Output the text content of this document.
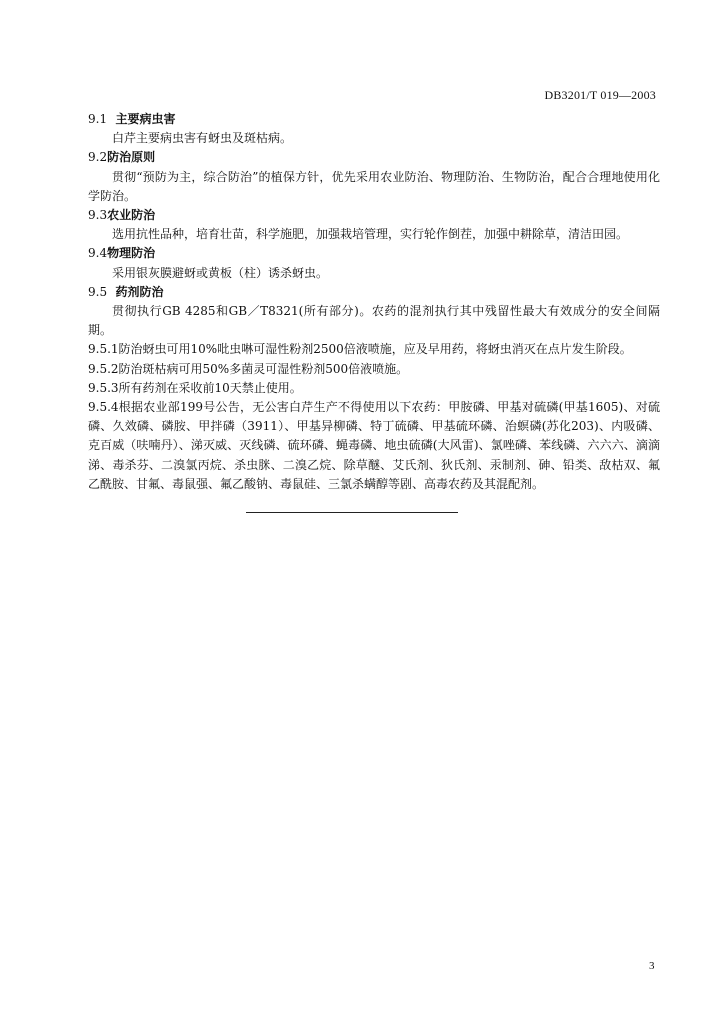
DB3201/T 019—2003

9.1 主要病虫害

白芹主要病虫害有蚜虫及斑枯病。

9.2防治原则

贯彻“预防为主，综合防治”的植保方针，优先采用农业防治、物理防治、生物防治，配合合理地使用化学防治。

9.3农业防治

选用抗性品种，培育壮苗，科学施肥，加强栽培管理，实行轮作倒茬，加强中耕除草，清洁田园。

9.4物理防治

采用银灰膜避蚜或黄板（柱）诱杀蚜虫。

9.5 药剂防治

贯彻执行GB 4285和GB／T8321(所有部分)。农药的混剂执行其中残留性最大有效成分的安全间隔期。

9.5.1防治蚜虫可用10%吡虫啉可湿性粉剂2500倍液喷施，应及早用药，将蚜虫消灭在点片发生阶段。

9.5.2防治斑枯病可用50%多菌灵可湿性粉剂500倍液喷施。

9.5.3所有药剂在采收前10天禁止使用。

9.5.4根据农业部199号公告，无公害白芹生产不得使用以下农药：甲胺磷、甲基对硫磷(甲基1605)、对硫磷、久效磷、磷胺、甲拌磷（3911）、甲基异柳磷、特丁硫磷、甲基硫环磷、治螟磷(苏化203)、内吸磷、克百威（呋喃丹）、涕灭威、灭线磷、硫环磷、蝇毒磷、地虫硫磷(大风雷)、氯唑磷、苯线磷、六六六、滴滴涕、毒杀芬、二溴氯丙烷、杀虫脒、二溴乙烷、除草醚、艾氏剂、狄氏剂、汞制剂、砷、铅类、敌枯双、氟乙酰胺、甘氟、毒鼠强、氟乙酸钠、毒鼠硅、三氯杀螨醇等剧、高毒农药及其混配剂。

3
